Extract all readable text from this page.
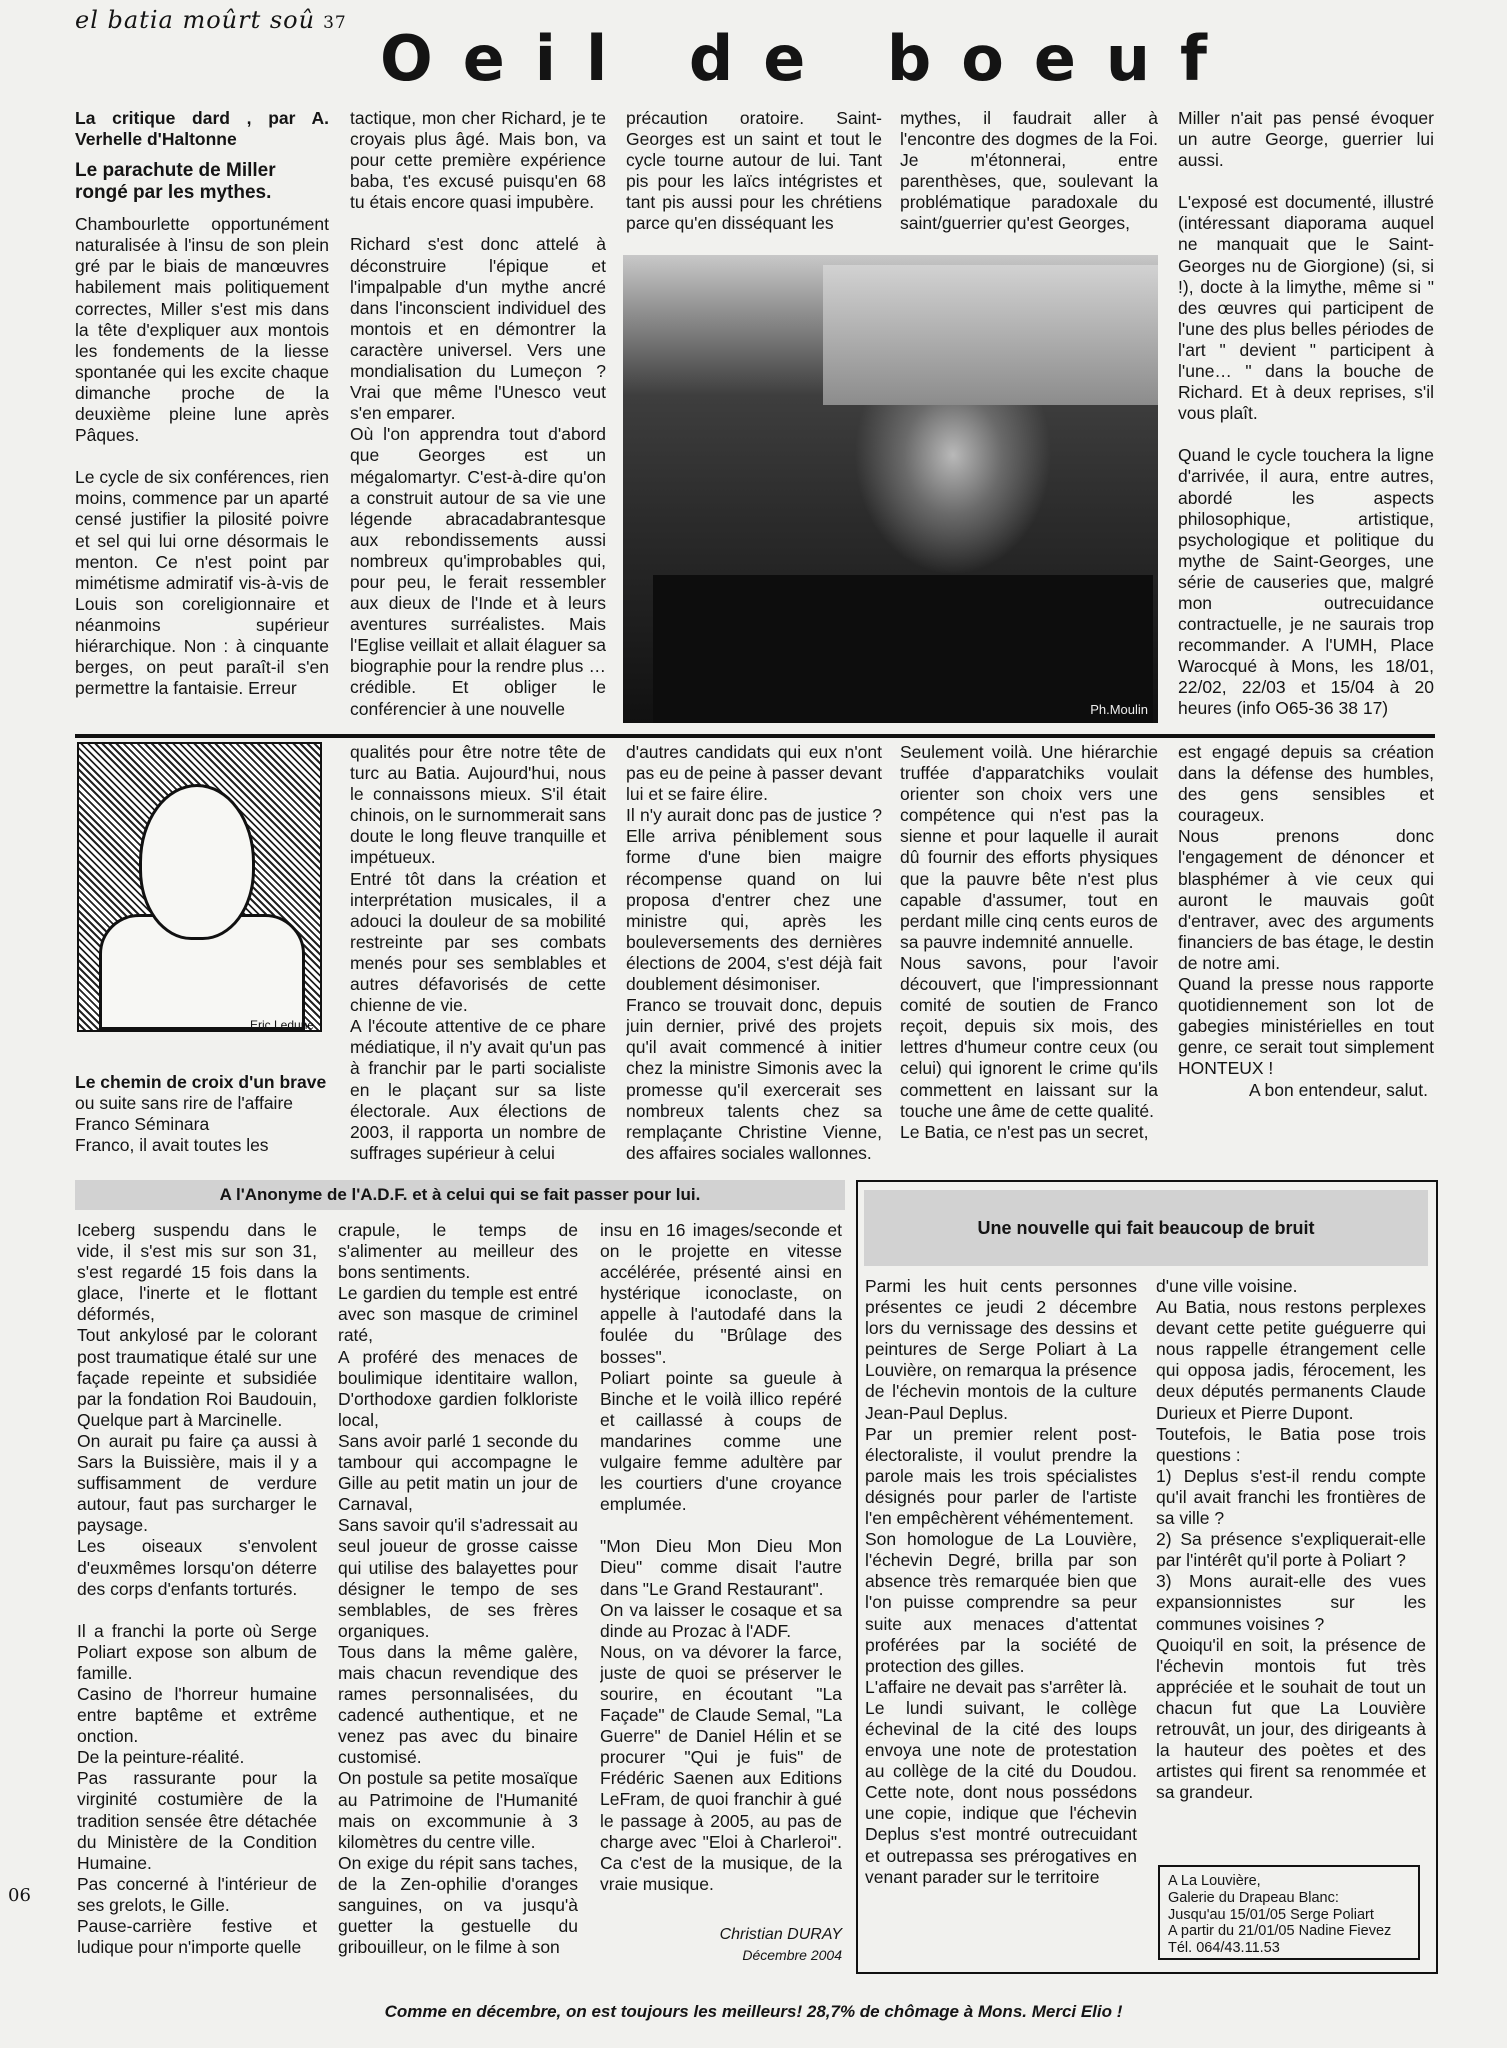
el batia moûrt soû 37 Oeil de boeuf

La critique dard , par A. Verhelle d'Haltonne

Le parachute de Miller rongé par les mythes.

Chambourlette opportunément naturalisée à l'insu de son plein gré par le biais de manœuvres habilement mais politiquement correctes, Miller s'est mis dans la tête d'expliquer aux montois les fondements de la liesse spontanée qui les excite chaque dimanche proche de la deuxième pleine lune après Pâques.

Le cycle de six conférences, rien moins, commence par un aparté censé justifier la pilosité poivre et sel qui lui orne désormais le menton. Ce n'est point par mimétisme admiratif vis-à-vis de Louis son coreligionnaire et néanmoins supérieur hiérarchique. Non : à cinquante berges, on peut paraît-il s'en permettre la fantaisie. Erreur

tactique, mon cher Richard, je te croyais plus âgé. Mais bon, va pour cette première expérience baba, t'es excusé puisqu'en 68 tu étais encore quasi impubère.

Richard s'est donc attelé à déconstruire l'épique et l'impalpable d'un mythe ancré dans l'inconscient individuel des montois et en démontrer la caractère universel. Vers une mondialisation du Lumeçon ? Vrai que même l'Unesco veut s'en emparer.

Où l'on apprendra tout d'abord que Georges est un mégalomartyr. C'est-à-dire qu'on a construit autour de sa vie une légende abracadabrantesque aux rebondissements aussi nombreux qu'improbables qui, pour peu, le ferait ressembler aux dieux de l'Inde et à leurs aventures surréalistes. Mais l'Eglise veillait et allait élaguer sa biographie pour la rendre plus …crédible. Et obliger le conférencier à une nouvelle

précaution oratoire. Saint-Georges est un saint et tout le cycle tourne autour de lui. Tant pis pour les laïcs intégristes et tant pis aussi pour les chrétiens parce qu'en disséquant les

mythes, il faudrait aller à l'encontre des dogmes de la Foi. Je m'étonnerai, entre parenthèses, que, soulevant la problématique paradoxale du saint/guerrier qu'est Georges,

Miller n'ait pas pensé évoquer un autre George, guerrier lui aussi.

L'exposé est documenté, illustré (intéressant diaporama auquel ne manquait que le Saint-Georges nu de Giorgione) (si, si !), docte à la limythe, même si " des œuvres qui participent de l'une des plus belles périodes de l'art " devient " participent à l'une… " dans la bouche de Richard. Et à deux reprises, s'il vous plaît.

Quand le cycle touchera la ligne d'arrivée, il aura, entre autres, abordé les aspects philosophique, artistique, psychologique et politique du mythe de Saint-Georges, une série de causeries que, malgré mon outrecuidance contractuelle, je ne saurais trop recommander. A l'UMH, Place Warocqué à Mons, les 18/01, 22/02, 22/03 et 15/04 à 20 heures (info O65-36 38 17)

Ph.Moulin
Eric Ledune

Le chemin de croix d'un brave

ou suite sans rire de l'affaire Franco Séminara

Franco, il avait toutes les

qualités pour être notre tête de turc au Batia. Aujourd'hui, nous le connaissons mieux. S'il était chinois, on le surnommerait sans doute le long fleuve tranquille et impétueux.

Entré tôt dans la création et interprétation musicales, il a adouci la douleur de sa mobilité restreinte par ses combats menés pour ses semblables et autres défavorisés de cette chienne de vie.

A l'écoute attentive de ce phare médiatique, il n'y avait qu'un pas à franchir par le parti socialiste en le plaçant sur sa liste électorale. Aux élections de 2003, il rapporta un nombre de suffrages supérieur à celui

d'autres candidats qui eux n'ont pas eu de peine à passer devant lui et se faire élire.

Il n'y aurait donc pas de justice ? Elle arriva péniblement sous forme d'une bien maigre récompense quand on lui proposa d'entrer chez une ministre qui, après les bouleversements des dernières élections de 2004, s'est déjà fait doublement désimoniser.

Franco se trouvait donc, depuis juin dernier, privé des projets qu'il avait commencé à initier chez la ministre Simonis avec la promesse qu'il exercerait ses nombreux talents chez sa remplaçante Christine Vienne, des affaires sociales wallonnes.

Seulement voilà. Une hiérarchie truffée d'apparatchiks voulait orienter son choix vers une compétence qui n'est pas la sienne et pour laquelle il aurait dû fournir des efforts physiques que la pauvre bête n'est plus capable d'assumer, tout en perdant mille cinq cents euros de sa pauvre indemnité annuelle.

Nous savons, pour l'avoir découvert, que l'impressionnant comité de soutien de Franco reçoit, depuis six mois, des lettres d'humeur contre ceux (ou celui) qui ignorent le crime qu'ils commettent en laissant sur la touche une âme de cette qualité.

Le Batia, ce n'est pas un secret,

est engagé depuis sa création dans la défense des humbles, des gens sensibles et courageux.

Nous prenons donc l'engagement de dénoncer et blasphémer à vie ceux qui auront le mauvais goût d'entraver, avec des arguments financiers de bas étage, le destin de notre ami.

Quand la presse nous rapporte quotidiennement son lot de gabegies ministérielles en tout genre, ce serait tout simplement HONTEUX !

A bon entendeur, salut.

A l'Anonyme de l'A.D.F. et à celui qui se fait passer pour lui.

Iceberg suspendu dans le vide, il s'est mis sur son 31, s'est regardé 15 fois dans la glace, l'inerte et le flottant déformés,

Tout ankylosé par le colorant post traumatique étalé sur une façade repeinte et subsidiée par la fondation Roi Baudouin, Quelque part à Marcinelle.

On aurait pu faire ça aussi à Sars la Buissière, mais il y a suffisamment de verdure autour, faut pas surcharger le paysage.

Les oiseaux s'envolent d'euxmêmes lorsqu'on déterre des corps d'enfants torturés.

Il a franchi la porte où Serge Poliart expose son album de famille.

Casino de l'horreur humaine entre baptême et extrême onction.

De la peinture-réalité.

Pas rassurante pour la virginité costumière de la tradition sensée être détachée du Ministère de la Condition Humaine.

Pas concerné à l'intérieur de ses grelots, le Gille.

Pause-carrière festive et ludique pour n'importe quelle

crapule, le temps de s'alimenter au meilleur des bons sentiments.

Le gardien du temple est entré avec son masque de criminel raté,

A proféré des menaces de boulimique identitaire wallon, D'orthodoxe gardien folkloriste local,

Sans avoir parlé 1 seconde du tambour qui accompagne le Gille au petit matin un jour de Carnaval,

Sans savoir qu'il s'adressait au seul joueur de grosse caisse qui utilise des balayettes pour désigner le tempo de ses semblables, de ses frères organiques.

Tous dans la même galère, mais chacun revendique des rames personnalisées, du cadencé authentique, et ne venez pas avec du binaire customisé.

On postule sa petite mosaïque au Patrimoine de l'Humanité mais on excommunie à 3 kilomètres du centre ville.

On exige du répit sans taches, de la Zen-ophilie d'oranges sanguines, on va jusqu'à guetter la gestuelle du gribouilleur, on le filme à son

insu en 16 images/seconde et on le projette en vitesse accélérée, présenté ainsi en hystérique iconoclaste, on appelle à l'autodafé dans la foulée du "Brûlage des bosses".

Poliart pointe sa gueule à Binche et le voilà illico repéré et caillassé à coups de mandarines comme une vulgaire femme adultère par les courtiers d'une croyance emplumée.

"Mon Dieu Mon Dieu Mon Dieu" comme disait l'autre dans "Le Grand Restaurant".

On va laisser le cosaque et sa dinde au Prozac à l'ADF.

Nous, on va dévorer la farce, juste de quoi se préserver le sourire, en écoutant "La Façade" de Claude Semal, "La Guerre" de Daniel Hélin et se procurer "Qui je fuis" de Frédéric Saenen aux Editions LeFram, de quoi franchir à gué le passage à 2005, au pas de charge avec "Eloi à Charleroi". Ca c'est de la musique, de la vraie musique.

Christian DURAY
Décembre 2004
Une nouvelle qui fait beaucoup de bruit

Parmi les huit cents personnes présentes ce jeudi 2 décembre lors du vernissage des dessins et peintures de Serge Poliart à La Louvière, on remarqua la présence de l'échevin montois de la culture Jean-Paul Deplus.

Par un premier relent post-électoraliste, il voulut prendre la parole mais les trois spécialistes désignés pour parler de l'artiste l'en empêchèrent véhémentement.

Son homologue de La Louvière, l'échevin Degré, brilla par son absence très remarquée bien que l'on puisse comprendre sa peur suite aux menaces d'attentat proférées par la société de protection des gilles.

L'affaire ne devait pas s'arrêter là.

Le lundi suivant, le collège échevinal de la cité des loups envoya une note de protestation au collège de la cité du Doudou. Cette note, dont nous possédons une copie, indique que l'échevin Deplus s'est montré outrecuidant et outrepassa ses prérogatives en venant parader sur le territoire

d'une ville voisine.

Au Batia, nous restons perplexes devant cette petite guéguerre qui nous rappelle étrangement celle qui opposa jadis, férocement, les deux députés permanents Claude Durieux et Pierre Dupont.

Toutefois, le Batia pose trois questions :

1) Deplus s'est-il rendu compte qu'il avait franchi les frontières de sa ville ?

2) Sa présence s'expliquerait-elle par l'intérêt qu'il porte à Poliart ?

3) Mons aurait-elle des vues expansionnistes sur les communes voisines ?

Quoiqu'il en soit, la présence de l'échevin montois fut très appréciée et le souhait de tout un chacun fut que La Louvière retrouvât, un jour, des dirigeants à la hauteur des poètes et des artistes qui firent sa renommée et sa grandeur.

A La Louvière,
Galerie du Drapeau Blanc:
Jusqu'au 15/01/05 Serge Poliart
A partir du 21/01/05 Nadine Fievez
Tél. 064/43.11.53
06
Comme en décembre, on est toujours les meilleurs! 28,7% de chômage à Mons. Merci Elio !
